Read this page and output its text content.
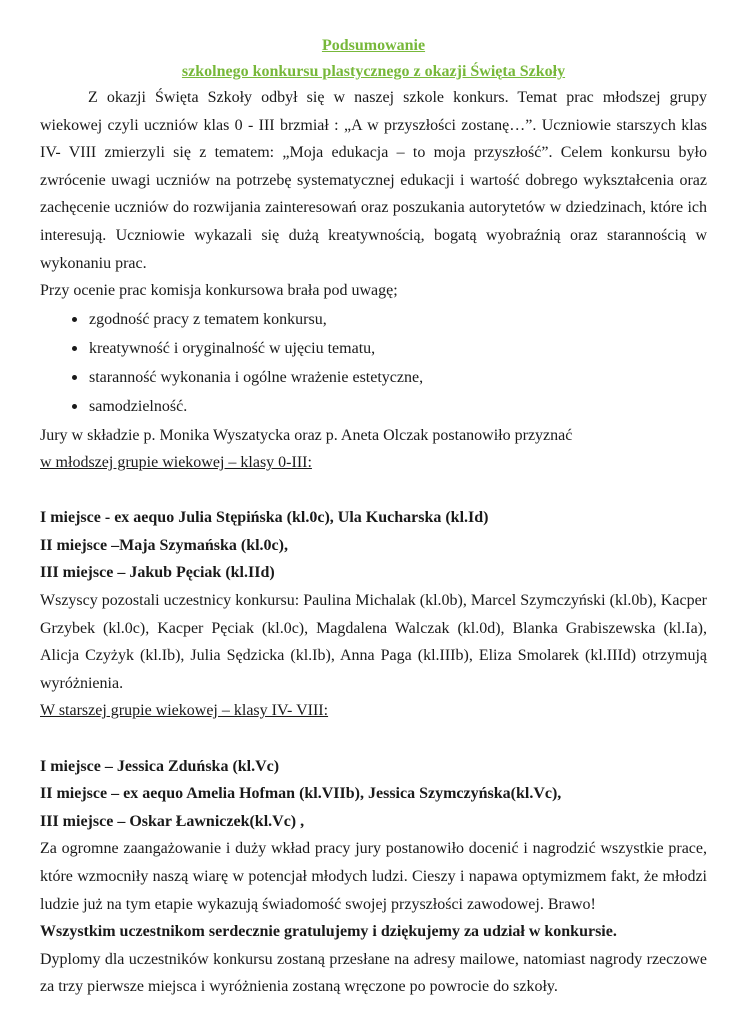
Podsumowanie
szkolnego konkursu plastycznego z okazji Święta Szkoły
Z okazji Święta Szkoły odbył się w naszej szkole konkurs. Temat prac młodszej grupy wiekowej czyli uczniów klas 0 - III brzmiał : „A w przyszłości zostanę…”. Uczniowie starszych klas IV- VIII zmierzyli się z tematem: „Moja edukacja – to moja przyszłość”. Celem konkursu było zwrócenie uwagi uczniów na potrzebę systematycznej edukacji i wartość dobrego wykształcenia oraz zachęcenie uczniów do rozwijania zainteresowań oraz poszukania autorytetów w dziedzinach, które ich interesują. Uczniowie wykazali się dużą kreatywnością, bogatą wyobraźnią oraz starannością w wykonaniu prac.
Przy ocenie prac komisja konkursowa brała pod uwagę;
zgodność pracy z tematem konkursu,
kreatywność i oryginalność w ujęciu tematu,
staranność wykonania i ogólne wrażenie estetyczne,
samodzielność.
Jury w składzie p. Monika Wyszatycka oraz p. Aneta Olczak postanowiło przyznać
w młodszej grupie wiekowej – klasy 0-III:
I miejsce - ex aequo Julia Stępińska (kl.0c), Ula Kucharska (kl.Id)
II miejsce –Maja Szymańska (kl.0c),
III miejsce – Jakub Pęciak (kl.IId)
Wszyscy pozostali uczestnicy konkursu: Paulina Michalak (kl.0b), Marcel Szymczyński (kl.0b), Kacper Grzybek (kl.0c), Kacper Pęciak (kl.0c), Magdalena Walczak (kl.0d), Blanka Grabiszewska (kl.Ia), Alicja Czyżyk (kl.Ib), Julia Sędzicka (kl.Ib), Anna Paga (kl.IIIb), Eliza Smolarek (kl.IIId) otrzymują wyróżnienia.
W starszej grupie wiekowej – klasy IV- VIII:
I miejsce – Jessica Zduńska (kl.Vc)
II miejsce – ex aequo Amelia Hofman (kl.VIIb), Jessica Szymczyńska(kl.Vc),
III miejsce – Oskar Ławniczek(kl.Vc) ,
Za ogromne zaangażowanie i duży wkład pracy jury postanowiło docenić i nagrodzić wszystkie prace, które wzmocniły naszą wiarę w potencjał młodych ludzi. Cieszy i napawa optymizmem fakt, że młodzi ludzie już na tym etapie wykazują świadomość swojej przyszłości zawodowej. Brawo!
Wszystkim uczestnikom serdecznie gratulujemy i dziękujemy za udział w konkursie.
Dyplomy dla uczestników konkursu zostaną przesłane na adresy mailowe, natomiast nagrody rzeczowe za trzy pierwsze miejsca i wyróżnienia zostaną wręczone po powrocie do szkoły.
